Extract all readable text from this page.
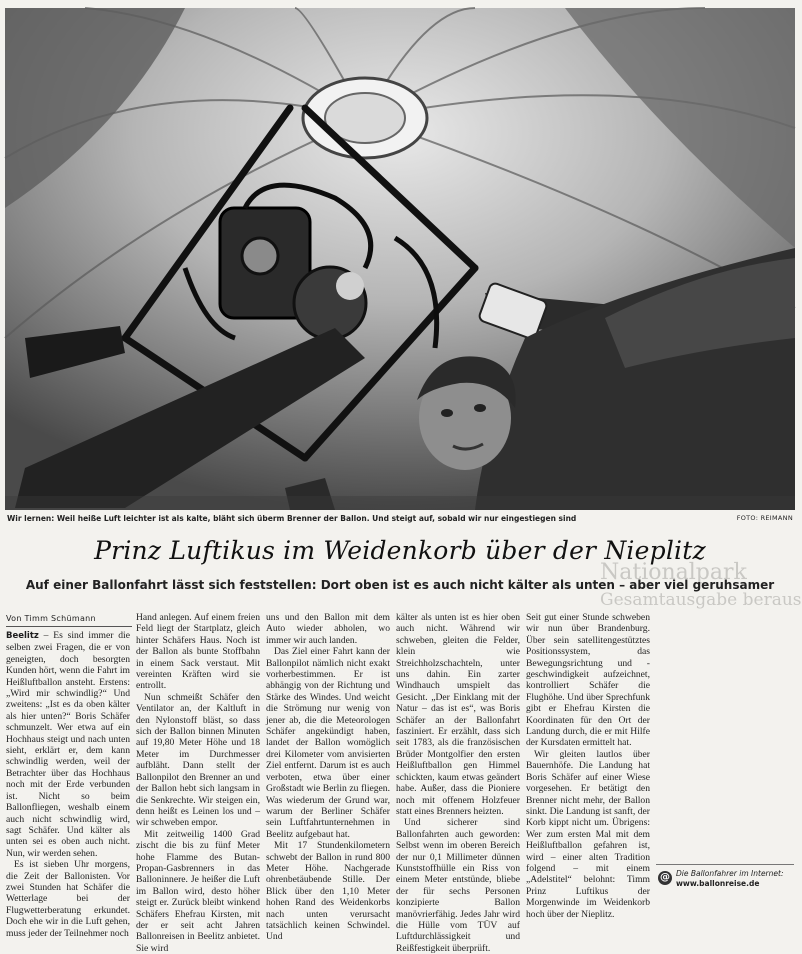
Wir lernen: Weil heiße Luft leichter ist als kalte, bläht sich überm Brenner der Ballon. Und steigt auf, sobald wir nur eingestiegen sind	FOTO: REIMANN
Nationalpark
Gesamtausgabe beraus
Prinz Luftikus im Weidenkorb über der Nieplitz
Auf einer Ballonfahrt lässt sich feststellen: Dort oben ist es auch nicht kälter als unten – aber viel geruhsamer
Von Timm Schümann

Beelitz – Es sind immer die selben zwei Fragen, die er von geneigten, doch besorgten Kunden hört, wenn die Fahrt im Heißluftballon ansteht. Erstens: „Wird mir schwindlig?“ Und zweitens: „Ist es da oben kälter als hier unten?“ Boris Schäfer schmunzelt. Wer etwa auf ein Hochhaus steigt und nach unten sieht, erklärt er, dem kann schwindlig werden, weil der Betrachter über das Hochhaus noch mit der Erde verbunden ist. Nicht so beim Ballonfliegen, weshalb einem auch nicht schwindlig wird, sagt Schäfer. Und kälter als unten sei es oben auch nicht. Nun, wir werden sehen.

Es ist sieben Uhr morgens, die Zeit der Ballonisten. Vor zwei Stunden hat Schäfer die Wetterlage bei der Flugwetterberatung erkundet. Doch ehe wir in die Luft gehen, muss jeder der Teilnehmer noch

Hand anlegen. Auf einem freien Feld liegt der Startplatz, gleich hinter Schäfers Haus. Noch ist der Ballon als bunte Stoffbahn in einem Sack verstaut. Mit vereinten Kräften wird sie entrollt.

Nun schmeißt Schäfer den Ventilator an, der Kaltluft in den Nylonstoff bläst, so dass sich der Ballon binnen Minuten auf 19,80 Meter Höhe und 18 Meter im Durchmesser aufbläht. Dann stellt der Ballonpilot den Brenner an und der Ballon hebt sich langsam in die Senkrechte. Wir steigen ein, denn heißt es Leinen los und – wir schweben empor.

Mit zeitweilig 1400 Grad zischt die bis zu fünf Meter hohe Flamme des Butan-Propan-Gasbrenners in das Balloninnere. Je heißer die Luft im Ballon wird, desto höher steigt er. Zurück bleibt winkend Schäfers Ehefrau Kirsten, mit der er seit acht Jahren Ballonreisen in Beelitz anbietet. Sie wird

uns und den Ballon mit dem Auto wieder abholen, wo immer wir auch landen.

Das Ziel einer Fahrt kann der Ballonpilot nämlich nicht exakt vorherbestimmen. Er ist abhängig von der Richtung und Stärke des Windes. Und weicht die Strömung nur wenig von jener ab, die die Meteorologen Schäfer angekündigt haben, landet der Ballon womöglich drei Kilometer vom anvisierten Ziel entfernt. Darum ist es auch verboten, etwa über einer Großstadt wie Berlin zu fliegen. Was wiederum der Grund war, warum der Berliner Schäfer sein Luftfahrtunternehmen in Beelitz aufgebaut hat.

Mit 17 Stundenkilometern schwebt der Ballon in rund 800 Meter Höhe. Nachgerade ohrenbetäubende Stille. Der Blick über den 1,10 Meter hohen Rand des Weidenkorbs nach unten verursacht tatsächlich keinen Schwindel. Und

kälter als unten ist es hier oben auch nicht. Während wir schweben, gleiten die Felder, klein wie Streichholzschachteln, unter uns dahin. Ein zarter Windhauch umspielt das Gesicht. „Der Einklang mit der Natur – das ist es“, was Boris Schäfer an der Ballonfahrt fasziniert. Er erzählt, dass sich seit 1783, als die französischen Brüder Montgolfier den ersten Heißluftballon gen Himmel schickten, kaum etwas geändert habe. Außer, dass die Pioniere noch mit offenem Holzfeuer statt eines Brenners heizten.

Und sicherer sind Ballonfahrten auch geworden: Selbst wenn im oberen Bereich der nur 0,1 Millimeter dünnen Kunststoffhülle ein Riss von einem Meter entstünde, bliebe der für sechs Personen konzipierte Ballon manövrierfähig. Jedes Jahr wird die Hülle vom TÜV auf Luftdurchlässigkeit und Reißfestigkeit überprüft.

Seit gut einer Stunde schweben wir nun über Brandenburg. Über sein satellitengestütztes Positionssystem, das Bewegungsrichtung und -geschwindigkeit aufzeichnet, kontrolliert Schäfer die Flughöhe. Und über Sprechfunk gibt er Ehefrau Kirsten die Koordinaten für den Ort der Landung durch, die er mit Hilfe der Kursdaten ermittelt hat.

Wir gleiten lautlos über Bauernhöfe. Die Landung hat Boris Schäfer auf einer Wiese vorgesehen. Er betätigt den Brenner nicht mehr, der Ballon sinkt. Die Landung ist sanft, der Korb kippt nicht um. Übrigens: Wer zum ersten Mal mit dem Heißluftballon gefahren ist, wird – einer alten Tradition folgend – mit einem „Adelstitel“ belohnt: Timm Prinz Luftikus der Morgenwinde im Weidenkorb hoch über der Nieplitz.

@ Die Ballonfahrer im Internet:
www.ballonreise.de
